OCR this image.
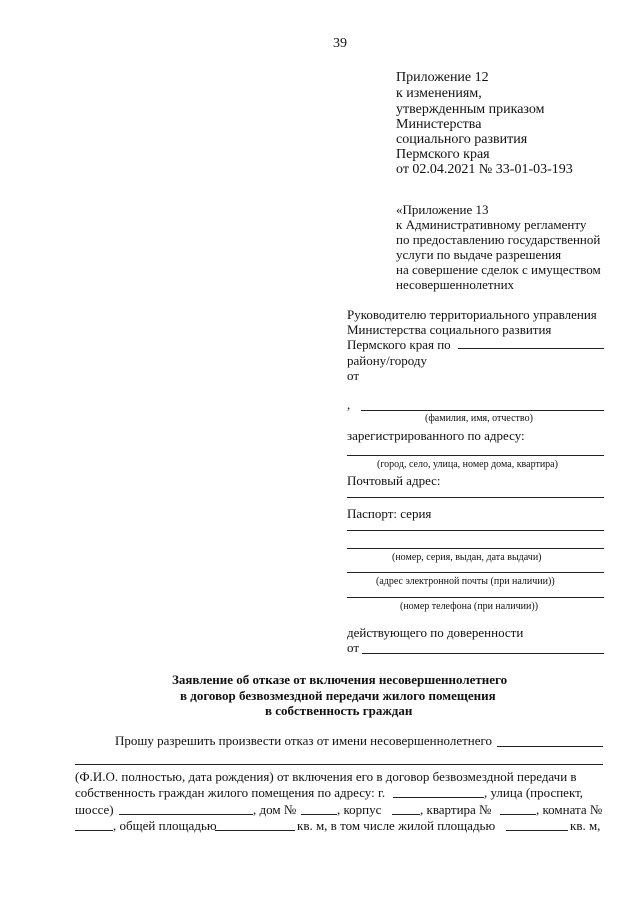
39
Приложение 12
к изменениям,
утвержденным приказом
Министерства
социального развития
Пермского края
от 02.04.2021 № 33-01-03-193
«Приложение 13
к Административному регламенту
по предоставлению государственной
услуги по выдаче разрешения
на совершение сделок с имуществом
несовершеннолетних
Руководителю территориального управления
Министерства социального развития
Пермского края по
району/городу
от
,
(фамилия, имя, отчество)
зарегистрированного по адресу:
(город, село, улица, номер дома, квартира)
Почтовый адрес:
Паспорт: серия
(номер, серия, выдан, дата выдачи)
(адрес электронной почты (при наличии))
(номер телефона (при наличии))
действующего по доверенности
от
Заявление об отказе от включения несовершеннолетнего
в договор безвозмездной передачи жилого помещения
в собственность граждан
Прошу разрешить произвести отказ от имени несовершеннолетнего
(Ф.И.О. полностью, дата рождения) от включения его в договор безвозмездной передачи в
собственность граждан жилого помещения по адресу: г.	, улица (проспект,
шоссе)	, дом №	, корпус	, квартира №	, комната №
, общей площадью	кв. м, в том числе жилой площадью	кв. м,
